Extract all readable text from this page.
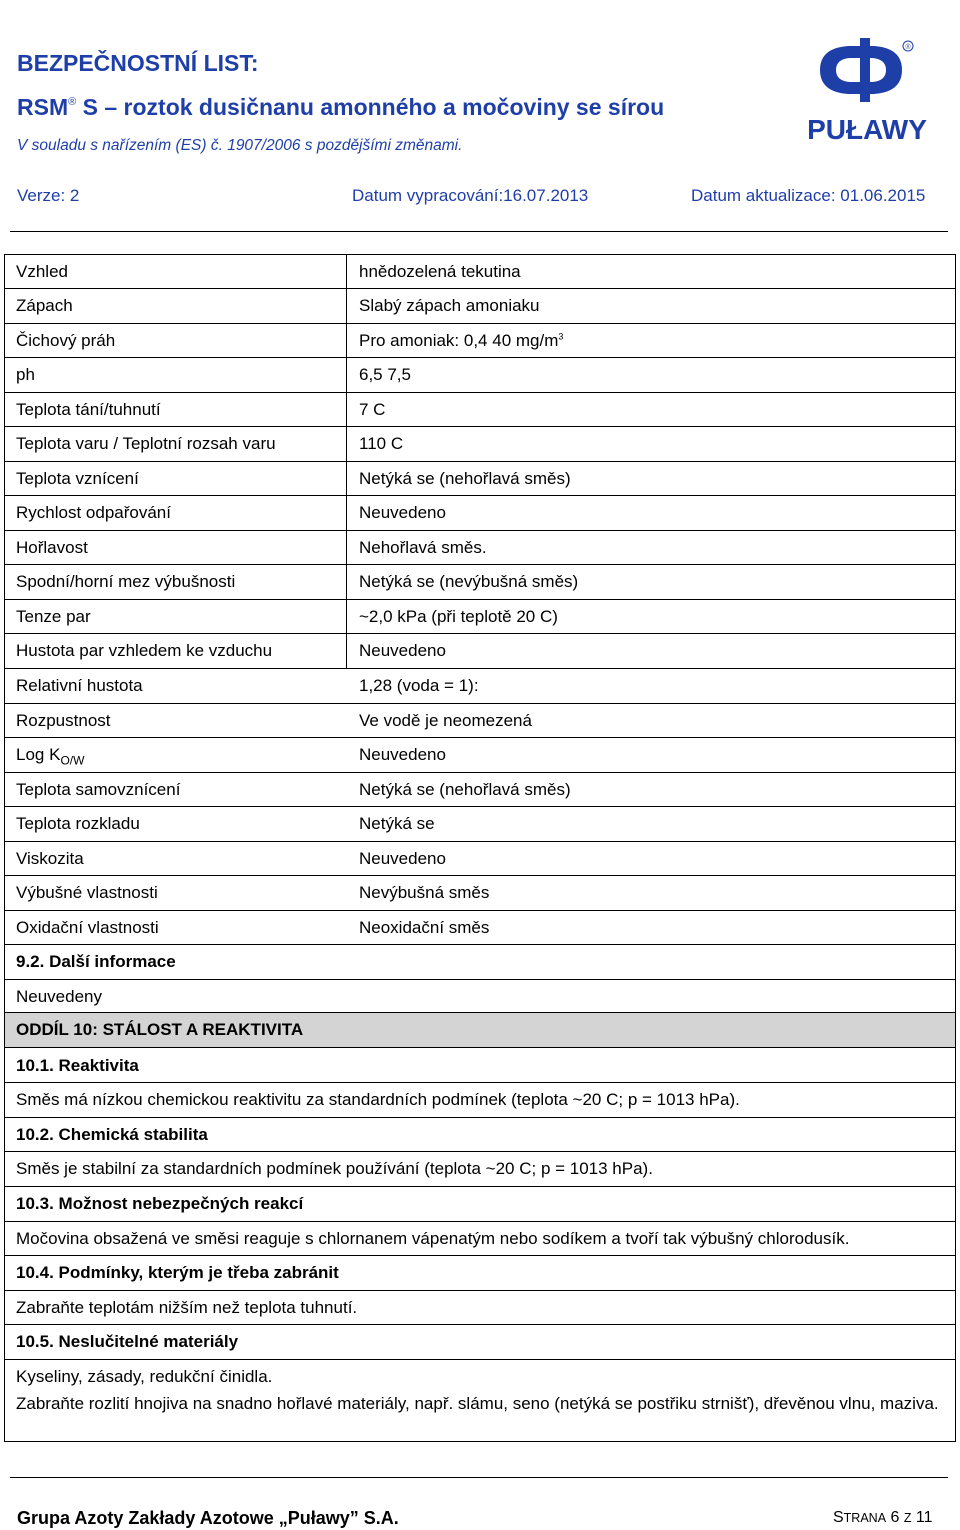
BEZPEČNOSTNÍ LIST:
RSM® S – roztok dusičnanu amonného a močoviny se sírou
V souladu s nařízením (ES) č. 1907/2006 s pozdějšími změnami.
®
PUŁAWY
Verze: 2	Datum vypracování:16.07.2013	Datum aktualizace: 01.06.2015
Vzhled	hnědozelená tekutina
Zápach	Slabý zápach amoniaku
Čichový práh	Pro amoniak: 0,4 40 $mg/m^3$
ph	6,5 7,5
Teplota tání/tuhnutí	7 C
Teplota varu / Teplotní rozsah varu	110 C
Teplota vznícení	Netýká se (nehořlavá směs)
Rychlost odpařování	Neuvedeno
Hořlavost	Nehořlavá směs.
Spodní/horní mez výbušnosti	Netýká se (nevýbušná směs)
Tenze par	~2,0 kPa (při teplotě 20 C)
Hustota par vzhledem ke vzduchu	Neuvedeno
Relativní hustota	1,28 (voda = 1):
Rozpustnost	Ve vodě je neomezená
Log $K_{O/W}$	Neuvedeno
Teplota samovznícení	Netýká se (nehořlavá směs)
Teplota rozkladu	Netýká se
Viskozita	Neuvedeno
Výbušné vlastnosti	Nevýbušná směs
Oxidační vlastnosti	Neoxidační směs
9.2. Další informace
Neuvedeny
ODDÍL 10: STÁLOST A REAKTIVITA
10.1. Reaktivita
Směs má nízkou chemickou reaktivitu za standardních podmínek (teplota ~20 C; p = 1013 hPa).
10.2. Chemická stabilita
Směs je stabilní za standardních podmínek používání (teplota ~20 C; p = 1013 hPa).
10.3. Možnost nebezpečných reakcí
Močovina obsažená ve směsi reaguje s chlornanem vápenatým nebo sodíkem a tvoří tak výbušný chlorodusík.
10.4. Podmínky, kterým je třeba zabránit
Zabraňte teplotám nižším než teplota tuhnutí.
10.5. Neslučitelné materiály
Kyseliny, zásady, redukční činidla.
Zabraňte rozlití hnojiva na snadno hořlavé materiály, např. slámu, seno (netýká se postřiku strnišť), dřevěnou vlnu, maziva.
Grupa Azoty Zakłady Azotowe „Puławy” S.A.	STRANA 6 Z 11
